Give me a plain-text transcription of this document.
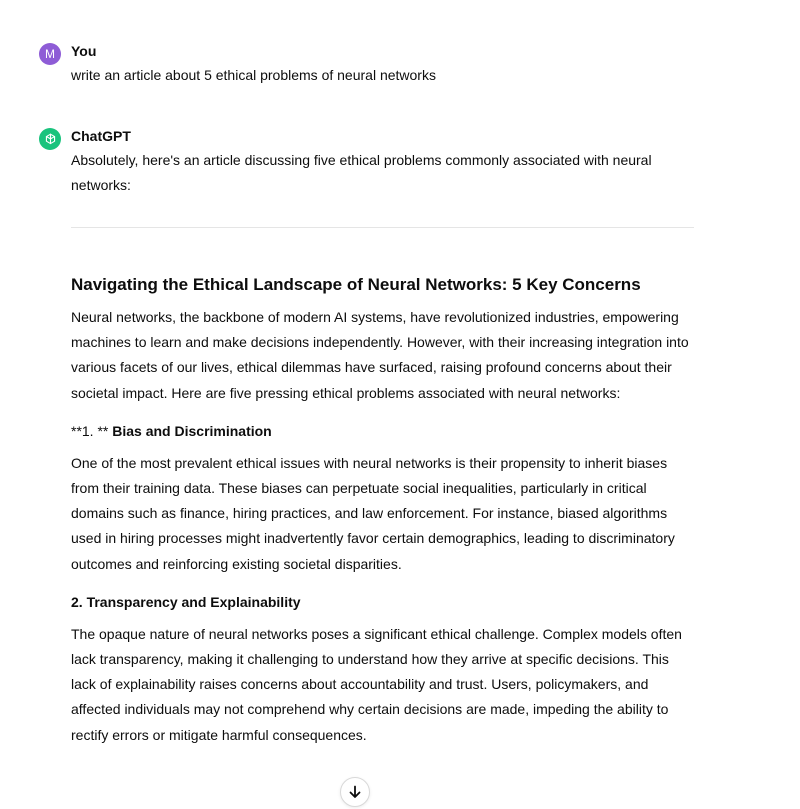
M You
write an article about 5 ethical problems of neural networks
ChatGPT
Absolutely, here's an article discussing five ethical problems commonly associated with neural networks:
Navigating the Ethical Landscape of Neural Networks: 5 Key Concerns
Neural networks, the backbone of modern AI systems, have revolutionized industries, empowering machines to learn and make decisions independently. However, with their increasing integration into various facets of our lives, ethical dilemmas have surfaced, raising profound concerns about their societal impact. Here are five pressing ethical problems associated with neural networks:
**1. ** Bias and Discrimination
One of the most prevalent ethical issues with neural networks is their propensity to inherit biases from their training data. These biases can perpetuate social inequalities, particularly in critical domains such as finance, hiring practices, and law enforcement. For instance, biased algorithms used in hiring processes might inadvertently favor certain demographics, leading to discriminatory outcomes and reinforcing existing societal disparities.
2. Transparency and Explainability
The opaque nature of neural networks poses a significant ethical challenge. Complex models often lack transparency, making it challenging to understand how they arrive at specific decisions. This lack of explainability raises concerns about accountability and trust. Users, policymakers, and affected individuals may not comprehend why certain decisions are made, impeding the ability to rectify errors or mitigate harmful consequences.
